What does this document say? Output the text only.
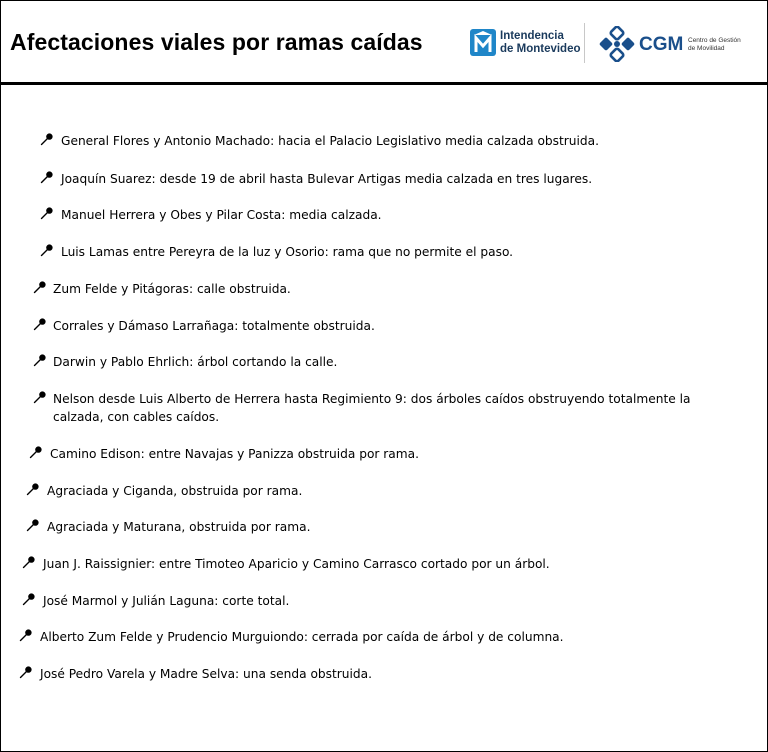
Afectaciones viales por ramas caídas	Intendencia
de Montevideo	CGM Centro de Gestión
de Movilidad
General Flores y Antonio Machado: hacia el Palacio Legislativo media calzada obstruida.
Joaquín Suarez: desde 19 de abril hasta Bulevar Artigas media calzada en tres lugares.
Manuel Herrera y Obes y Pilar Costa: media calzada.
Luis Lamas entre Pereyra de la luz y Osorio: rama que no permite el paso.
Zum Felde y Pitágoras: calle obstruida.
Corrales y Dámaso Larrañaga: totalmente obstruida.
Darwin y Pablo Ehrlich: árbol cortando la calle.
Nelson desde Luis Alberto de Herrera hasta Regimiento 9: dos árboles caídos obstruyendo totalmente la calzada, con cables caídos.
Camino Edison: entre Navajas y Panizza obstruida por rama.
Agraciada y Ciganda, obstruida por rama.
Agraciada y Maturana, obstruida por rama.
Juan J. Raissignier: entre Timoteo Aparicio y Camino Carrasco cortado por un árbol.
José Marmol y Julián Laguna: corte total.
Alberto Zum Felde y Prudencio Murguiondo: cerrada por caída de árbol y de columna.
José Pedro Varela y Madre Selva: una senda obstruida.
